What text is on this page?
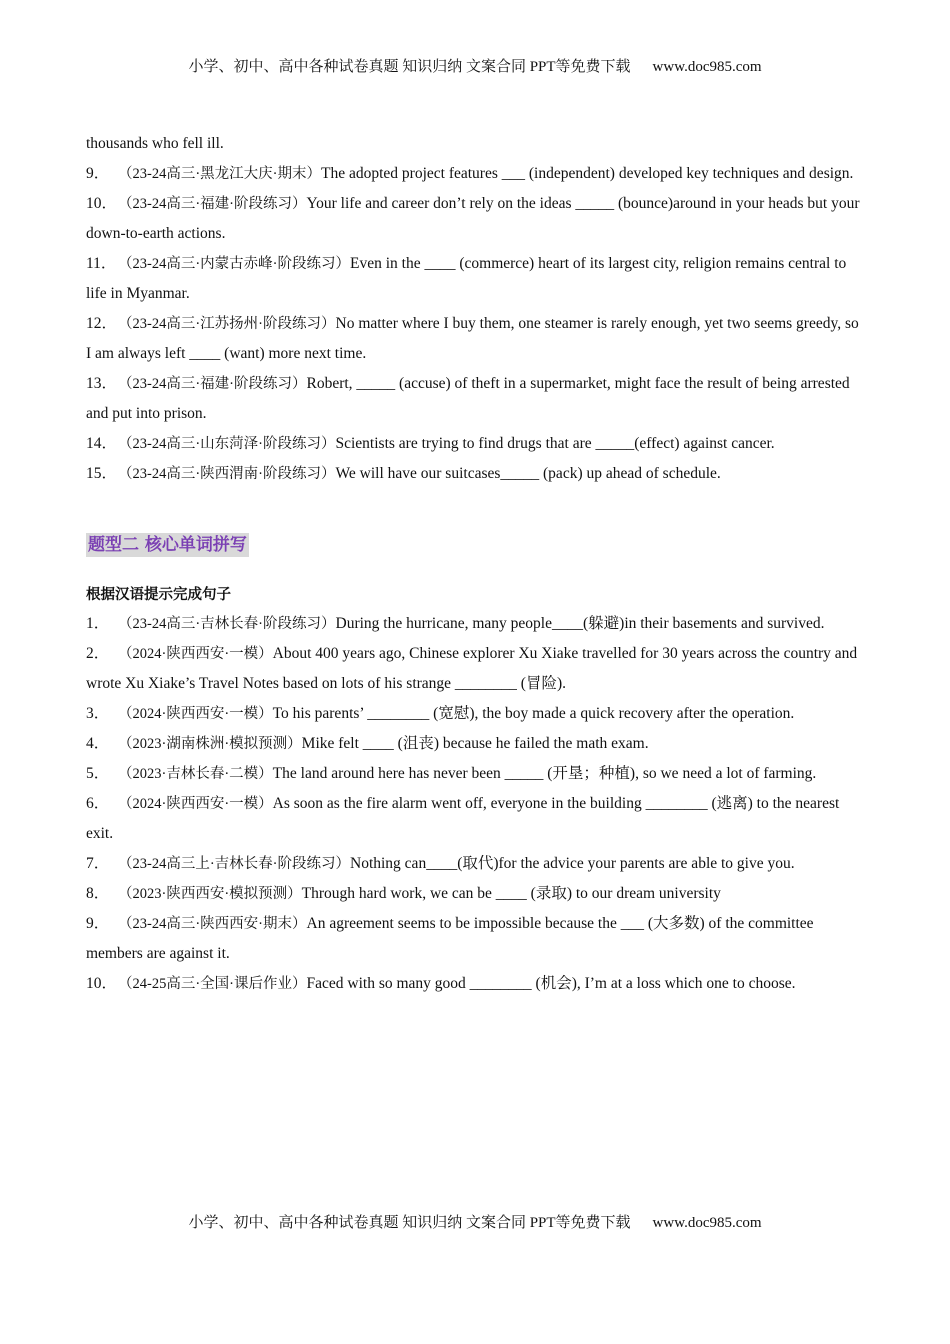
小学、初中、高中各种试卷真题 知识归纳 文案合同 PPT等免费下载 www.doc985.com

thousands who fell ill.

9． （23-24高三·黑龙江大庆·期末）The adopted project features ___ (independent) developed key techniques and design.

10．（23-24高三·福建·阶段练习）Your life and career don’t rely on the ideas _____ (bounce)around in your heads but your down-to-earth actions.

11． （23-24高三·内蒙古赤峰·阶段练习）Even in the ____ (commerce) heart of its largest city, religion remains central to life in Myanmar.

12．（23-24高三·江苏扬州·阶段练习）No matter where I buy them, one steamer is rarely enough, yet two seems greedy, so I am always left ____ (want) more next time.

13．（23-24高三·福建·阶段练习）Robert, _____ (accuse) of theft in a supermarket, might face the result of being arrested and put into prison.

14．（23-24高三·山东菏泽·阶段练习）Scientists are trying to find drugs that are _____(effect) against cancer.

15．（23-24高三·陕西渭南·阶段练习）We will have our suitcases_____ (pack) up ahead of schedule.

题型二 核心单词拼写

根据汉语提示完成句子

1． （23-24高三·吉林长春·阶段练习）During the hurricane, many people____(躲避)in their basements and survived.

2． （2024·陕西西安·一模）About 400 years ago, Chinese explorer Xu Xiake travelled for 30 years across the country and wrote Xu Xiake’s Travel Notes based on lots of his strange ________ (冒险).

3． （2024·陕西西安·一模）To his parents’ ________ (宽慰), the boy made a quick recovery after the operation.

4． （2023·湖南株洲·模拟预测）Mike felt ____ (沮丧) because he failed the math exam.

5． （2023·吉林长春·二模）The land around here has never been _____ (开垦；种植), so we need a lot of farming.

6． （2024·陕西西安·一模）As soon as the fire alarm went off, everyone in the building ________ (逃离) to the nearest exit.

7． （23-24高三上·吉林长春·阶段练习）Nothing can____(取代)for the advice your parents are able to give you.

8． （2023·陕西西安·模拟预测）Through hard work, we can be ____ (录取) to our dream university

9． （23-24高三·陕西西安·期末）An agreement seems to be impossible because the ___ (大多数) of the committee members are against it.

10．（24-25高三·全国·课后作业）Faced with so many good ________ (机会), I’m at a loss which one to choose.

小学、初中、高中各种试卷真题 知识归纳 文案合同 PPT等免费下载 www.doc985.com
